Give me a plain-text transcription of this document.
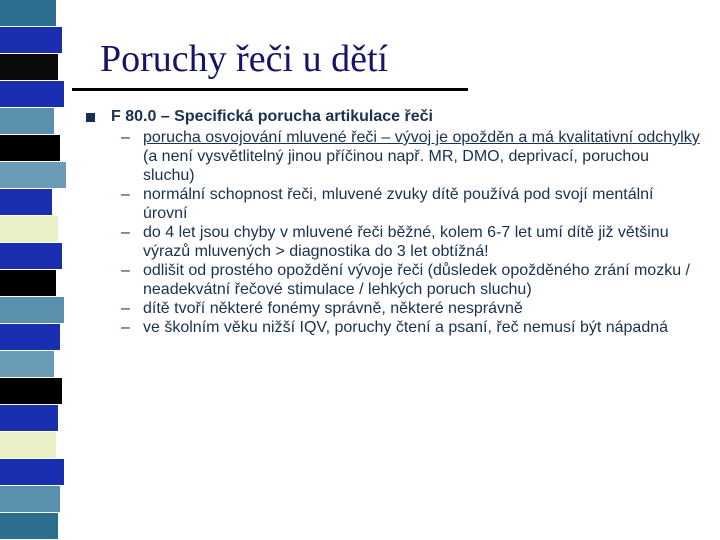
Poruchy řeči u dětí
F 80.0 – Specifická porucha artikulace řeči
– porucha osvojování mluvené řeči – vývoj je opožděn a má kvalitativní odchylky (a není vysvětlitelný jinou příčinou např. MR, DMO, deprivací, poruchou sluchu)
– normální schopnost řeči, mluvené zvuky dítě používá pod svojí mentální úrovní
– do 4 let jsou chyby v mluvené řeči běžné, kolem 6-7 let umí dítě již většinu výrazů mluvených > diagnostika do 3 let obtížná!
– odlišit od prostého opoždění vývoje řeči (důsledek opožděného zrání mozku / neadekvátní řečové stimulace / lehkých poruch sluchu)
– dítě tvoří některé fonémy správně, některé nesprávně
– ve školním věku nižší IQV, poruchy čtení a psaní, řeč nemusí být nápadná
